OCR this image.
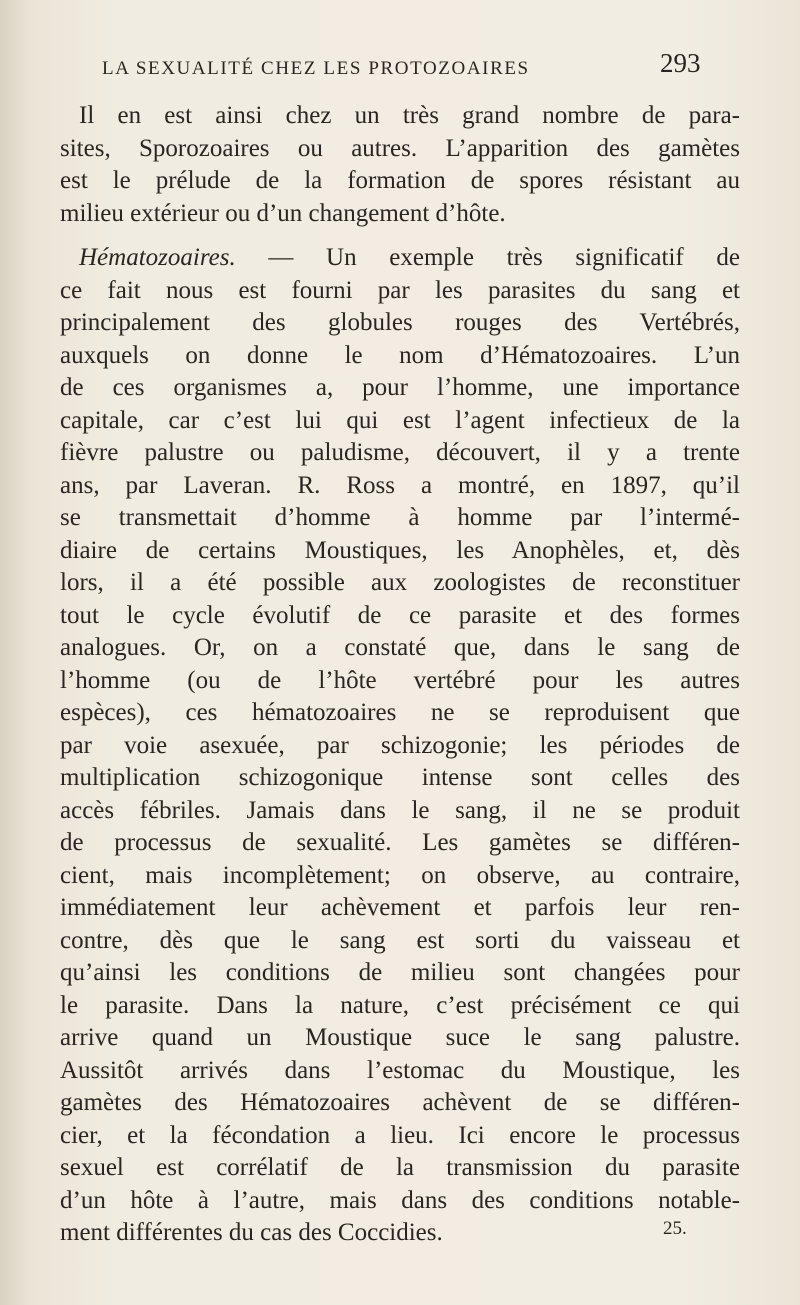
LA SEXUALITÉ CHEZ LES PROTOZOAIRES	293
Il en est ainsi chez un très grand nombre de para-
sites, Sporozoaires ou autres. L’apparition des gamètes
est le prélude de la formation de spores résistant au
milieu extérieur ou d’un changement d’hôte.
Hématozoaires. — Un exemple très significatif de
ce fait nous est fourni par les parasites du sang et
principalement des globules rouges des Vertébrés,
auxquels on donne le nom d’Hématozoaires. L’un
de ces organismes a, pour l’homme, une importance
capitale, car c’est lui qui est l’agent infectieux de la
fièvre palustre ou paludisme, découvert, il y a trente
ans, par Laveran. R. Ross a montré, en 1897, qu’il
se transmettait d’homme à homme par l’intermé-
diaire de certains Moustiques, les Anophèles, et, dès
lors, il a été possible aux zoologistes de reconstituer
tout le cycle évolutif de ce parasite et des formes
analogues. Or, on a constaté que, dans le sang de
l’homme (ou de l’hôte vertébré pour les autres
espèces), ces hématozoaires ne se reproduisent que
par voie asexuée, par schizogonie; les périodes de
multiplication schizogonique intense sont celles des
accès fébriles. Jamais dans le sang, il ne se produit
de processus de sexualité. Les gamètes se différen-
cient, mais incomplètement; on observe, au contraire,
immédiatement leur achèvement et parfois leur ren-
contre, dès que le sang est sorti du vaisseau et
qu’ainsi les conditions de milieu sont changées pour
le parasite. Dans la nature, c’est précisément ce qui
arrive quand un Moustique suce le sang palustre.
Aussitôt arrivés dans l’estomac du Moustique, les
gamètes des Hématozoaires achèvent de se différen-
cier, et la fécondation a lieu. Ici encore le processus
sexuel est corrélatif de la transmission du parasite
d’un hôte à l’autre, mais dans des conditions notable-
ment différentes du cas des Coccidies.	25.
